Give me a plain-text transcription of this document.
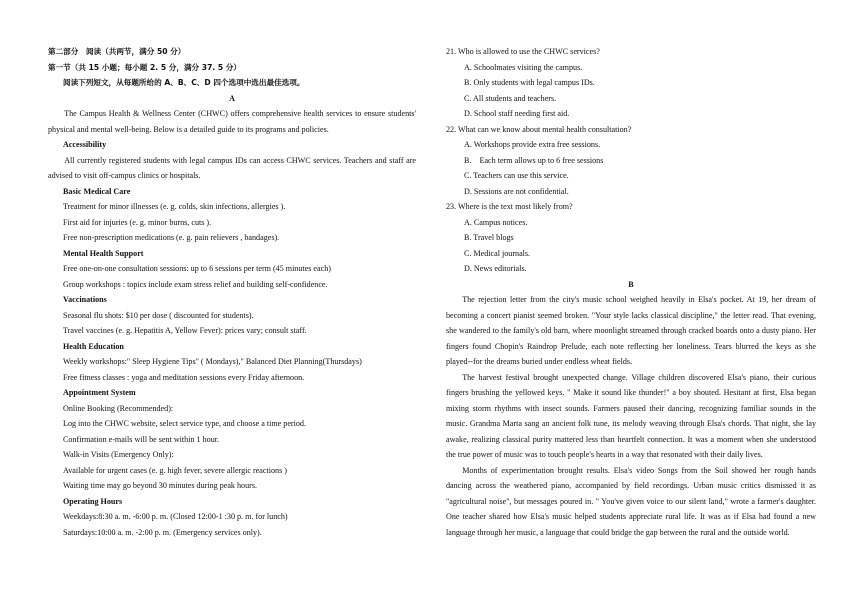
第二部分　阅读（共两节，满分 50 分）
第一节（共 15 小题；每小题 2. 5 分，满分 37. 5 分）
阅读下列短文，从每题所给的 A、B、C、D 四个选项中选出最佳选项。
A

The Campus Health & Wellness Center (CHWC) offers comprehensive health services to ensure students' physical and mental well-being. Below is a detailed guide to its programs and policies.

Accessibility

All currently registered students with legal campus IDs can access CHWC services. Teachers and staff are advised to visit off-campus clinics or hospitals.

Basic Medical Care
Treatment for minor illnesses (e. g. colds, skin infections, allergies ).
First aid for injuries (e. g. minor burns, cuts ).
Free non-prescription medications (e. g. pain relievers , bandages).
Mental Health Support
Free one-on-one consultation sessions: up to 6 sessions per term (45 minutes each)
Group workshops : topics include exam stress relief and building self-confidence.
Vaccinations
Seasonal flu shots: $10 per dose ( discounted for students).
Travel vaccines (e. g. Hepatitis A, Yellow Fever): prices vary; consult staff.
Health Education
Weekly workshops:" Sleep Hygiene Tips" ( Mondays)," Balanced Diet Planning(Thursdays)
Free fitness classes : yoga and meditation sessions every Friday afternoon.
Appointment System
Online Booking (Recommended):
Log into the CHWC website, select service type, and choose a time period.
Confirmation e-mails will be sent within 1 hour.
Walk-in Visits (Emergency Only):
Available for urgent cases (e. g. high fever, severe allergic reactions )
Waiting time may go beyond 30 minutes during peak hours.
Operating Hours
Weekdays:8:30 a. m. -6:00 p. m. (Closed 12:00-1 :30 p. m. for lunch)
Saturdays:10:00 a. m. -2:00 p. m. (Emergency services only).
21. Who is allowed to use the CHWC services?
A. Schoolmates visiting the campus.
B. Only students with legal campus IDs.
C. All students and teachers.
D. School staff needing first aid.
22. What can we know about mental health consultation?
A. Workshops provide extra free sessions.
B.　Each term allows up to 6 free sessions
C. Teachers can use this service.
D. Sessions are not confidential.
23. Where is the text most likely from?
A. Campus notices.
B. Travel blogs
C. Medical journals.
D. News editorials.
B

The rejection letter from the city's music school weighed heavily in Elsa's pocket. At 19, her dream of becoming a concert pianist seemed broken. "Your style lacks classical discipline," the letter read. That evening, she wandered to the family's old barn, where moonlight streamed through cracked boards onto a dusty piano. Her fingers found Chopin's Raindrop Prelude, each note reflecting her loneliness. Tears blurred the keys as she played--for the dreams buried under endless wheat fields.

The harvest festival brought unexpected change. Village children discovered Elsa's piano, their curious fingers brushing the yellowed keys. " Make it sound like thunder!" a boy shouted. Hesitant at first, Elsa began mixing storm rhythms with insect sounds. Farmers paused their dancing, recognizing familiar sounds in the music. Grandma Marta sang an ancient folk tune, its melody weaving through Elsa's chords. That night, she lay awake, realizing classical purity mattered less than heartfelt connection. It was a moment when she understood the true power of music was to touch people's hearts in a way that resonated with their daily lives.

Months of experimentation brought results. Elsa's video Songs from the Soil showed her rough hands dancing across the weathered piano, accompanied by field recordings. Urban music critics dismissed it as "agricultural noise", but messages poured in. " You've given voice to our silent land," wrote a farmer's daughter. One teacher shared how Elsa's music helped students appreciate rural life. It was as if Elsa had found a new language through her music, a language that could bridge the gap between the rural and the outside world.
